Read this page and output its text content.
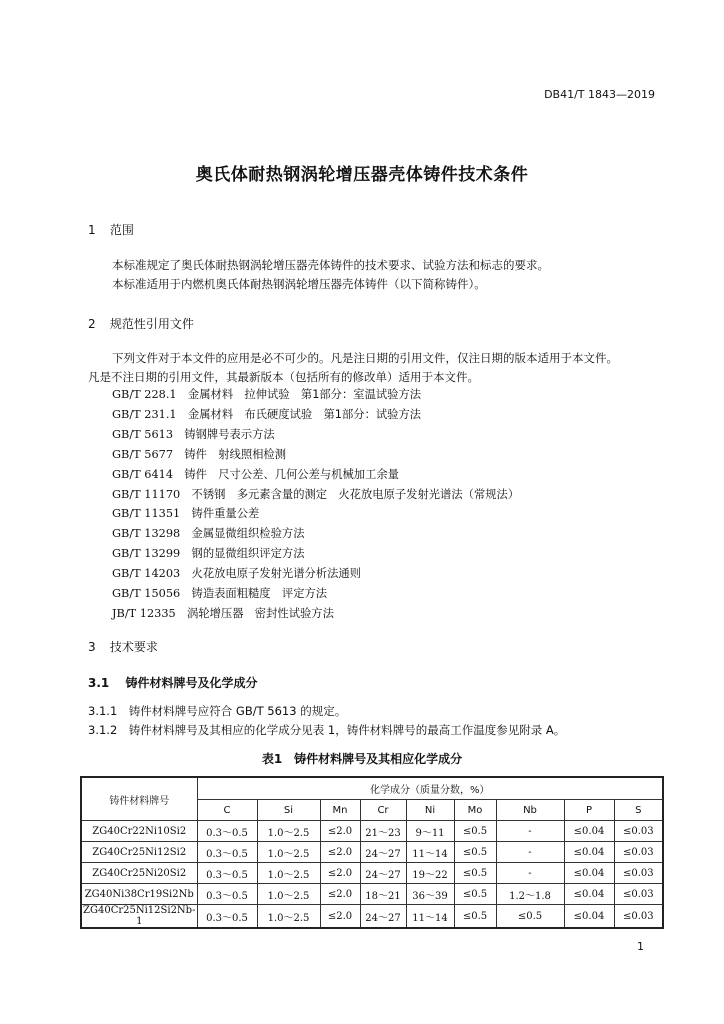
DB41/T 1843—2019
奥氏体耐热钢涡轮增压器壳体铸件技术条件
1 范围
本标准规定了奥氏体耐热钢涡轮增压器壳体铸件的技术要求、试验方法和标志的要求。
本标准适用于内燃机奥氏体耐热钢涡轮增压器壳体铸件（以下简称铸件）。
2 规范性引用文件
下列文件对于本文件的应用是必不可少的。凡是注日期的引用文件，仅注日期的版本适用于本文件。
凡是不注日期的引用文件，其最新版本（包括所有的修改单）适用于本文件。
GB/T 228.1　 金属材料　拉伸试验　第1部分：室温试验方法
GB/T 231.1　 金属材料　布氏硬度试验　第1部分：试验方法
GB/T 5613　 铸钢牌号表示方法
GB/T 5677　 铸件　射线照相检测
GB/T 6414　 铸件　尺寸公差、几何公差与机械加工余量
GB/T 11170　 不锈钢　多元素含量的测定　火花放电原子发射光谱法（常规法）
GB/T 11351　 铸件重量公差
GB/T 13298　 金属显微组织检验方法
GB/T 13299　 钢的显微组织评定方法
GB/T 14203　 火花放电原子发射光谱分析法通则
GB/T 15056　 铸造表面粗糙度　评定方法
JB/T 12335　 涡轮增压器　密封性试验方法
3 技术要求
3.1　 铸件材料牌号及化学成分
3.1.1　铸件材料牌号应符合 GB/T 5613 的规定。
3.1.2　铸件材料牌号及其相应的化学成分见表 1，铸件材料牌号的最高工作温度参见附录 A。
表1　铸件材料牌号及其相应化学成分
铸件材料牌号	化学成分（质量分数，%）								
	C	Si	Mn	Cr	Ni	Mo	Nb	P	S
ZG40Cr22Ni10Si2	0.3～0.5	1.0～2.5	≤2.0	21～23	9～11	≤0.5	-	≤0.04	≤0.03
ZG40Cr25Ni12Si2	0.3～0.5	1.0～2.5	≤2.0	24～27	11～14	≤0.5	-	≤0.04	≤0.03
ZG40Cr25Ni20Si2	0.3～0.5	1.0～2.5	≤2.0	24～27	19～22	≤0.5	-	≤0.04	≤0.03
ZG40Ni38Cr19Si2Nb	0.3～0.5	1.0～2.5	≤2.0	18～21	36～39	≤0.5	1.2～1.8	≤0.04	≤0.03
ZG40Cr25Ni12Si2Nb-1	0.3～0.5	1.0～2.5	≤2.0	24～27	11～14	≤0.5	≤0.5	≤0.04	≤0.03
1
